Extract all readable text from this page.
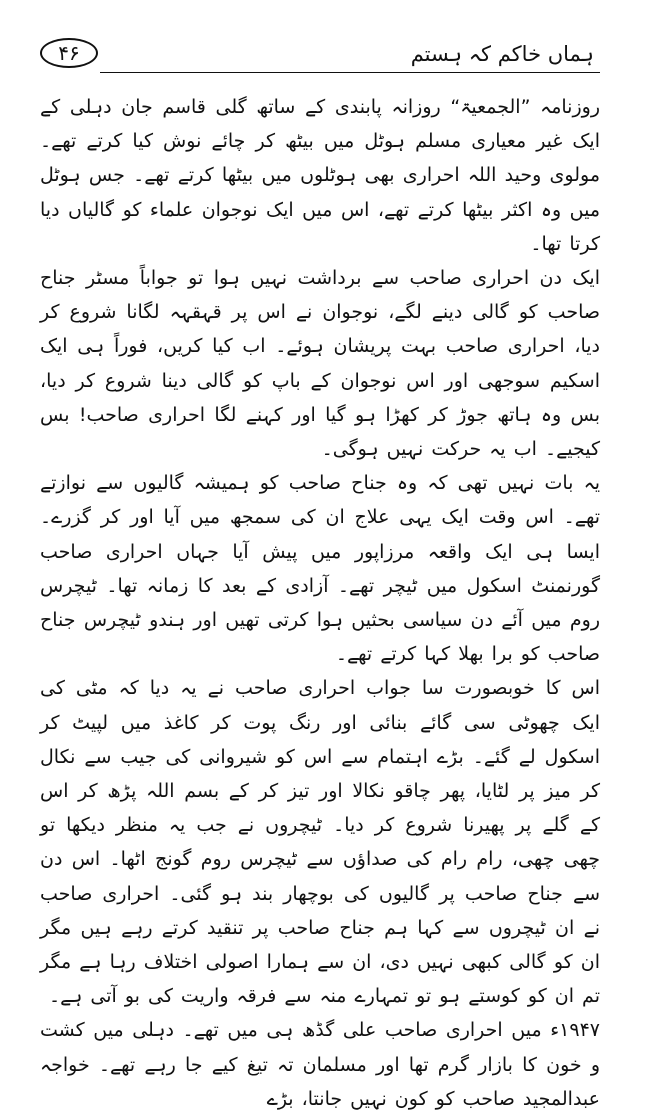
ہماں خاکم کہ ہستم
۴۶

روزنامہ ”الجمعیۃ“ روزانہ پابندی کے ساتھ گلی قاسم جان دہلی کے ایک غیر معیاری مسلم ہوٹل میں بیٹھ کر چائے نوش کیا کرتے تھے۔ مولوی وحید اللہ احراری بھی ہوٹلوں میں بیٹھا کرتے تھے۔ جس ہوٹل میں وہ اکثر بیٹھا کرتے تھے، اس میں ایک نوجوان علماء کو گالیاں دیا کرتا تھا۔

ایک دن احراری صاحب سے برداشت نہیں ہوا تو جواباً مسٹر جناح صاحب کو گالی دینے لگے، نوجوان نے اس پر قہقہہ لگانا شروع کر دیا، احراری صاحب بہت پریشان ہوئے۔ اب کیا کریں، فوراً ہی ایک اسکیم سوجھی اور اس نوجوان کے باپ کو گالی دینا شروع کر دیا، بس وہ ہاتھ جوڑ کر کھڑا ہو گیا اور کہنے لگا احراری صاحب! بس کیجیے۔ اب یہ حرکت نہیں ہوگی۔

یہ بات نہیں تھی کہ وہ جناح صاحب کو ہمیشہ گالیوں سے نوازتے تھے۔ اس وقت ایک یہی علاج ان کی سمجھ میں آیا اور کر گزرے۔ ایسا ہی ایک واقعہ مرزاپور میں پیش آیا جہاں احراری صاحب گورنمنٹ اسکول میں ٹیچر تھے۔ آزادی کے بعد کا زمانہ تھا۔ ٹیچرس روم میں آئے دن سیاسی بحثیں ہوا کرتی تھیں اور ہندو ٹیچرس جناح صاحب کو برا بھلا کہا کرتے تھے۔

اس کا خوبصورت سا جواب احراری صاحب نے یہ دیا کہ مٹی کی ایک چھوٹی سی گائے بنائی اور رنگ پوت کر کاغذ میں لپیٹ کر اسکول لے گئے۔ بڑے اہتمام سے اس کو شیروانی کی جیب سے نکال کر میز پر لٹایا، پھر چاقو نکالا اور تیز کر کے بسم اللہ پڑھ کر اس کے گلے پر پھیرنا شروع کر دیا۔ ٹیچروں نے جب یہ منظر دیکھا تو چھی چھی، رام رام کی صداؤں سے ٹیچرس روم گونج اٹھا۔ اس دن سے جناح صاحب پر گالیوں کی بوچھار بند ہو گئی۔ احراری صاحب نے ان ٹیچروں سے کہا ہم جناح صاحب پر تنقید کرتے رہے ہیں مگر ان کو گالی کبھی نہیں دی، ان سے ہمارا اصولی اختلاف رہا ہے مگر تم ان کو کوستے ہو تو تمہارے منہ سے فرقہ واریت کی بو آتی ہے۔

۱۹۴۷ء میں احراری صاحب علی گڈھ ہی میں تھے۔ دہلی میں کشت و خون کا بازار گرم تھا اور مسلمان تہ تیغ کیے جا رہے تھے۔ خواجہ عبدالمجید صاحب کو کون نہیں جانتا، بڑے
